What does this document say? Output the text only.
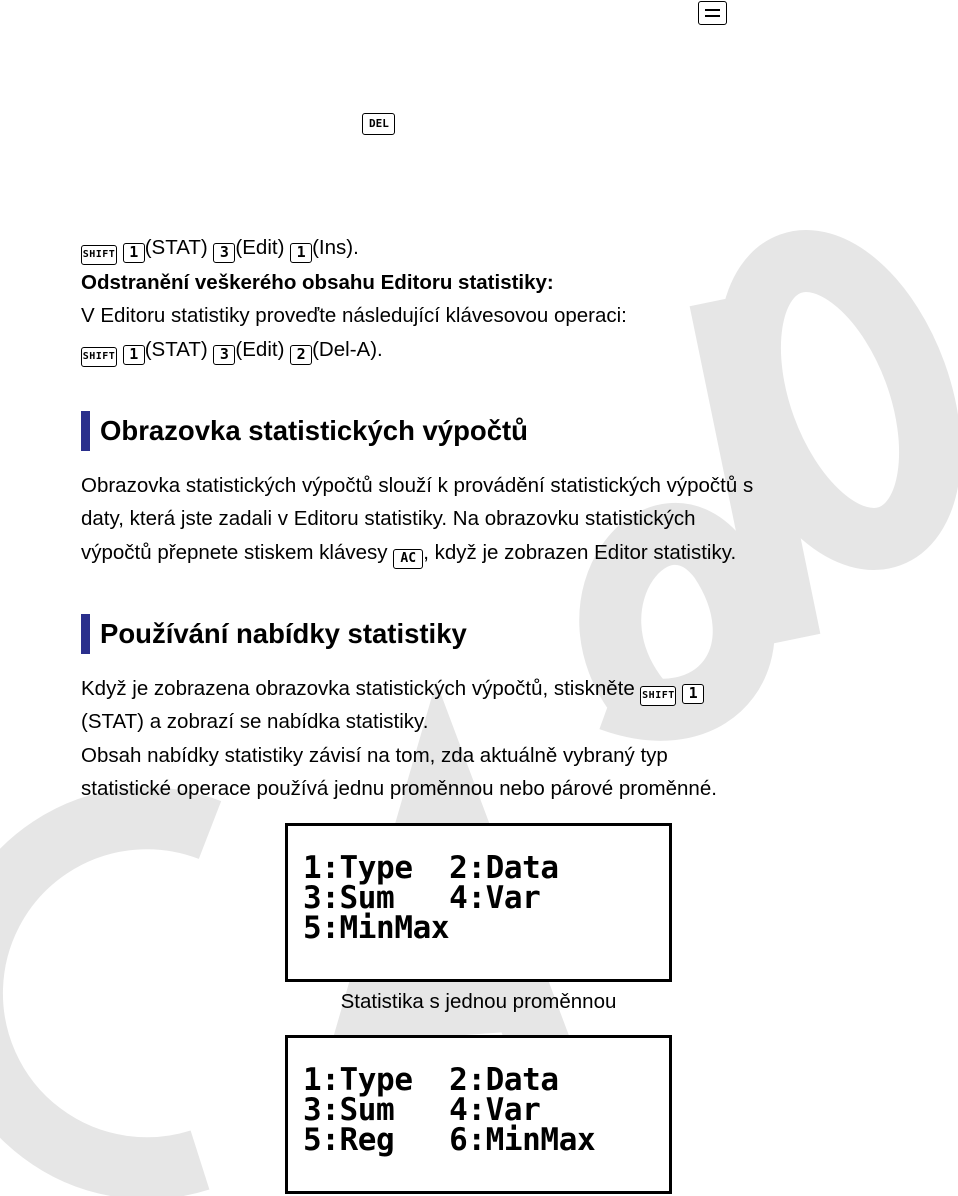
DEL
SHIFT 1 (STAT) 3 (Edit) 1 (Ins).
Odstranění veškerého obsahu Editoru statistiky:
V Editoru statistiky proveďte následující klávesovou operaci:
SHIFT 1 (STAT) 3 (Edit) 2 (Del-A).
Obrazovka statistických výpočtů
Obrazovka statistických výpočtů slouží k provádění statistických výpočtů s
daty, která jste zadali v Editoru statistiky. Na obrazovku statistických
výpočtů přepnete stiskem klávesy AC , když je zobrazen Editor statistiky.
Používání nabídky statistiky
Když je zobrazena obrazovka statistických výpočtů, stiskněte SHIFT 1
(STAT) a zobrazí se nabídka statistiky.
Obsah nabídky statistiky závisí na tom, zda aktuálně vybraný typ
statistické operace používá jednu proměnnou nebo párové proměnné.
1:Type  2:Data
3:Sum   4:Var
5:MinMax
Statistika s jednou proměnnou
1:Type  2:Data
3:Sum   4:Var
5:Reg   6:MinMax
